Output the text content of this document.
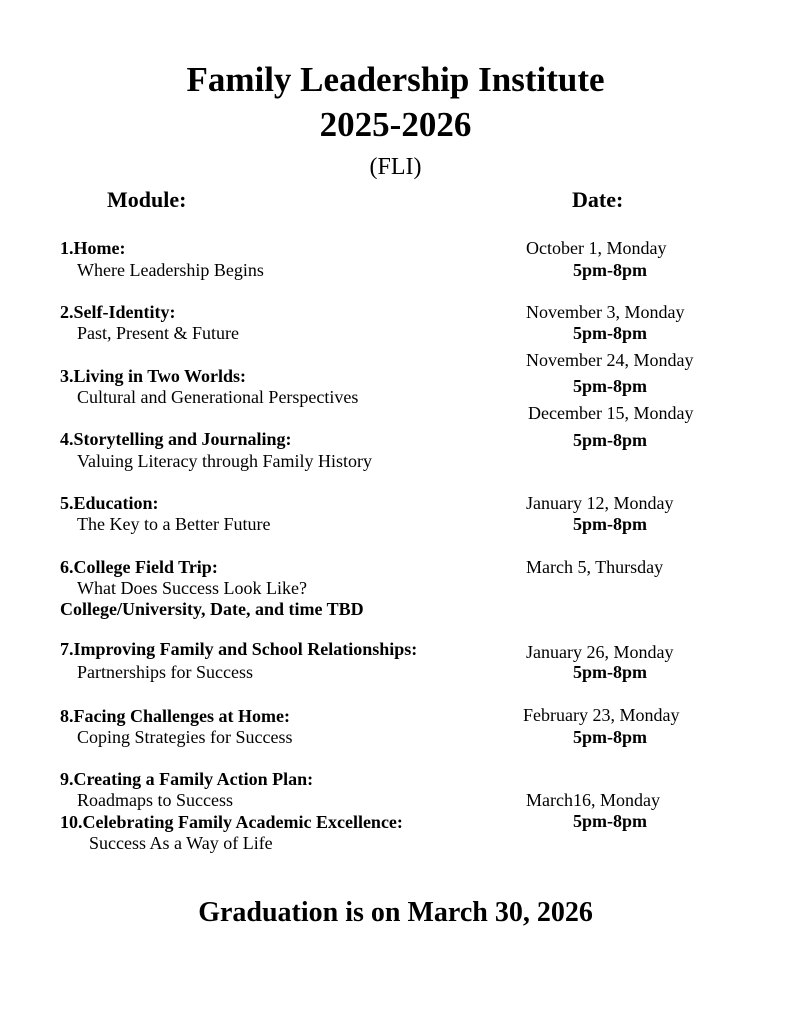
Family Leadership Institute
2025-2026
(FLI)
Module:	Date:
1.Home:
Where Leadership Begins
2.Self-Identity:
Past, Present & Future
3.Living in Two Worlds:
Cultural and Generational Perspectives
4.Storytelling and Journaling:
Valuing Literacy through Family History
5.Education:
The Key to a Better Future
6.College Field Trip:
What Does Success Look Like?
College/University, Date, and time TBD
7.Improving Family and School Relationships:
Partnerships for Success
8.Facing Challenges at Home:
Coping Strategies for Success
9.Creating a Family Action Plan:
Roadmaps to Success
10.Celebrating Family Academic Excellence:
Success As a Way of Life
October 1, Monday
5pm-8pm
November 3, Monday
5pm-8pm
November 24, Monday
5pm-8pm
December 15, Monday
5pm-8pm
January 12, Monday
5pm-8pm
March 5, Thursday
January 26, Monday
5pm-8pm
February 23, Monday
5pm-8pm
March16, Monday
5pm-8pm
Graduation is on March 30, 2026
